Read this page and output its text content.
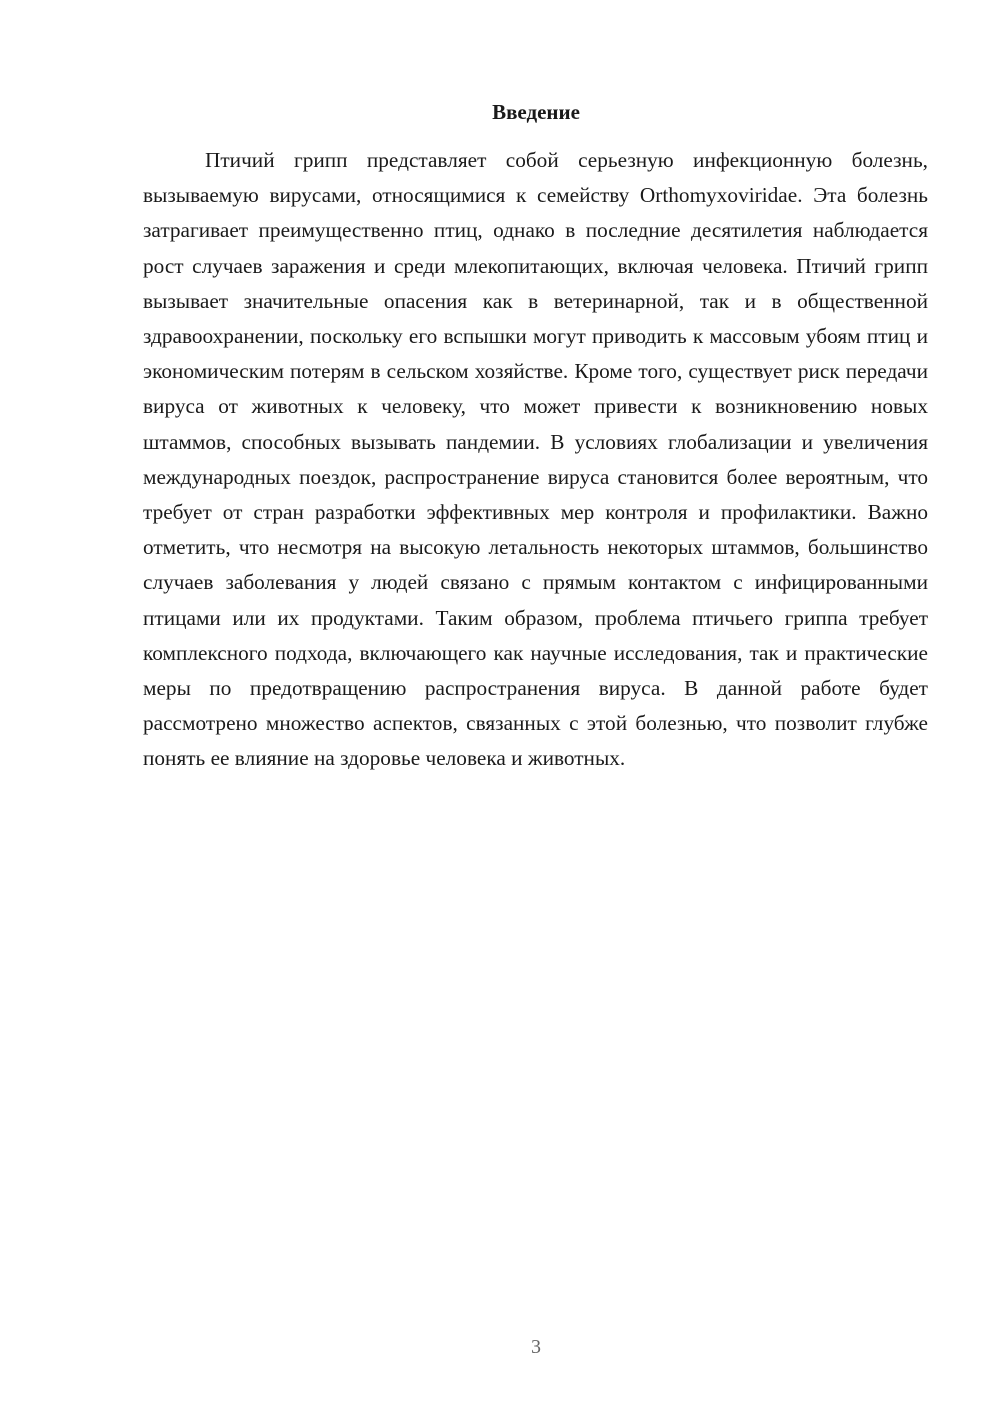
Введение

Птичий грипп представляет собой серьезную инфекционную болезнь, вызываемую вирусами, относящимися к семейству Orthomyxoviridae. Эта болезнь затрагивает преимущественно птиц, однако в последние десятилетия наблюдается рост случаев заражения и среди млекопитающих, включая человека. Птичий грипп вызывает значительные опасения как в ветеринарной, так и в общественной здравоохранении, поскольку его вспышки могут приводить к массовым убоям птиц и экономическим потерям в сельском хозяйстве. Кроме того, существует риск передачи вируса от животных к человеку, что может привести к возникновению новых штаммов, способных вызывать пандемии. В условиях глобализации и увеличения международных поездок, распространение вируса становится более вероятным, что требует от стран разработки эффективных мер контроля и профилактики. Важно отметить, что несмотря на высокую летальность некоторых штаммов, большинство случаев заболевания у людей связано с прямым контактом с инфицированными птицами или их продуктами. Таким образом, проблема птичьего гриппа требует комплексного подхода, включающего как научные исследования, так и практические меры по предотвращению распространения вируса. В данной работе будет рассмотрено множество аспектов, связанных с этой болезнью, что позволит глубже понять ее влияние на здоровье человека и животных.

3
